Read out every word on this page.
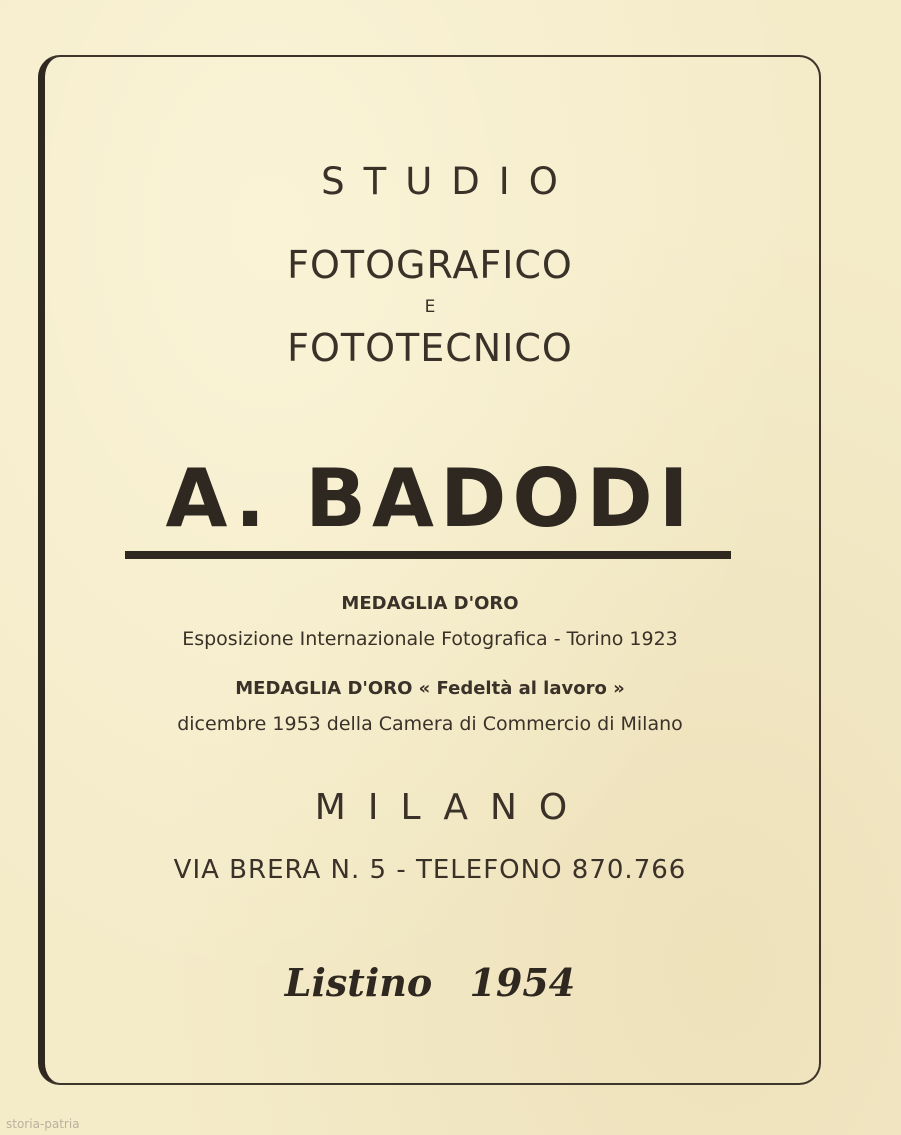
STUDIO
FOTOGRAFICO
E
FOTOTECNICO
A. BADODI
MEDAGLIA D'ORO
Esposizione Internazionale Fotografica - Torino 1923
MEDAGLIA D'ORO « Fedeltà al lavoro »
dicembre 1953 della Camera di Commercio di Milano
MILANO
VIA BRERA N. 5 - TELEFONO 870.766
Listino 1954
storia-patria
